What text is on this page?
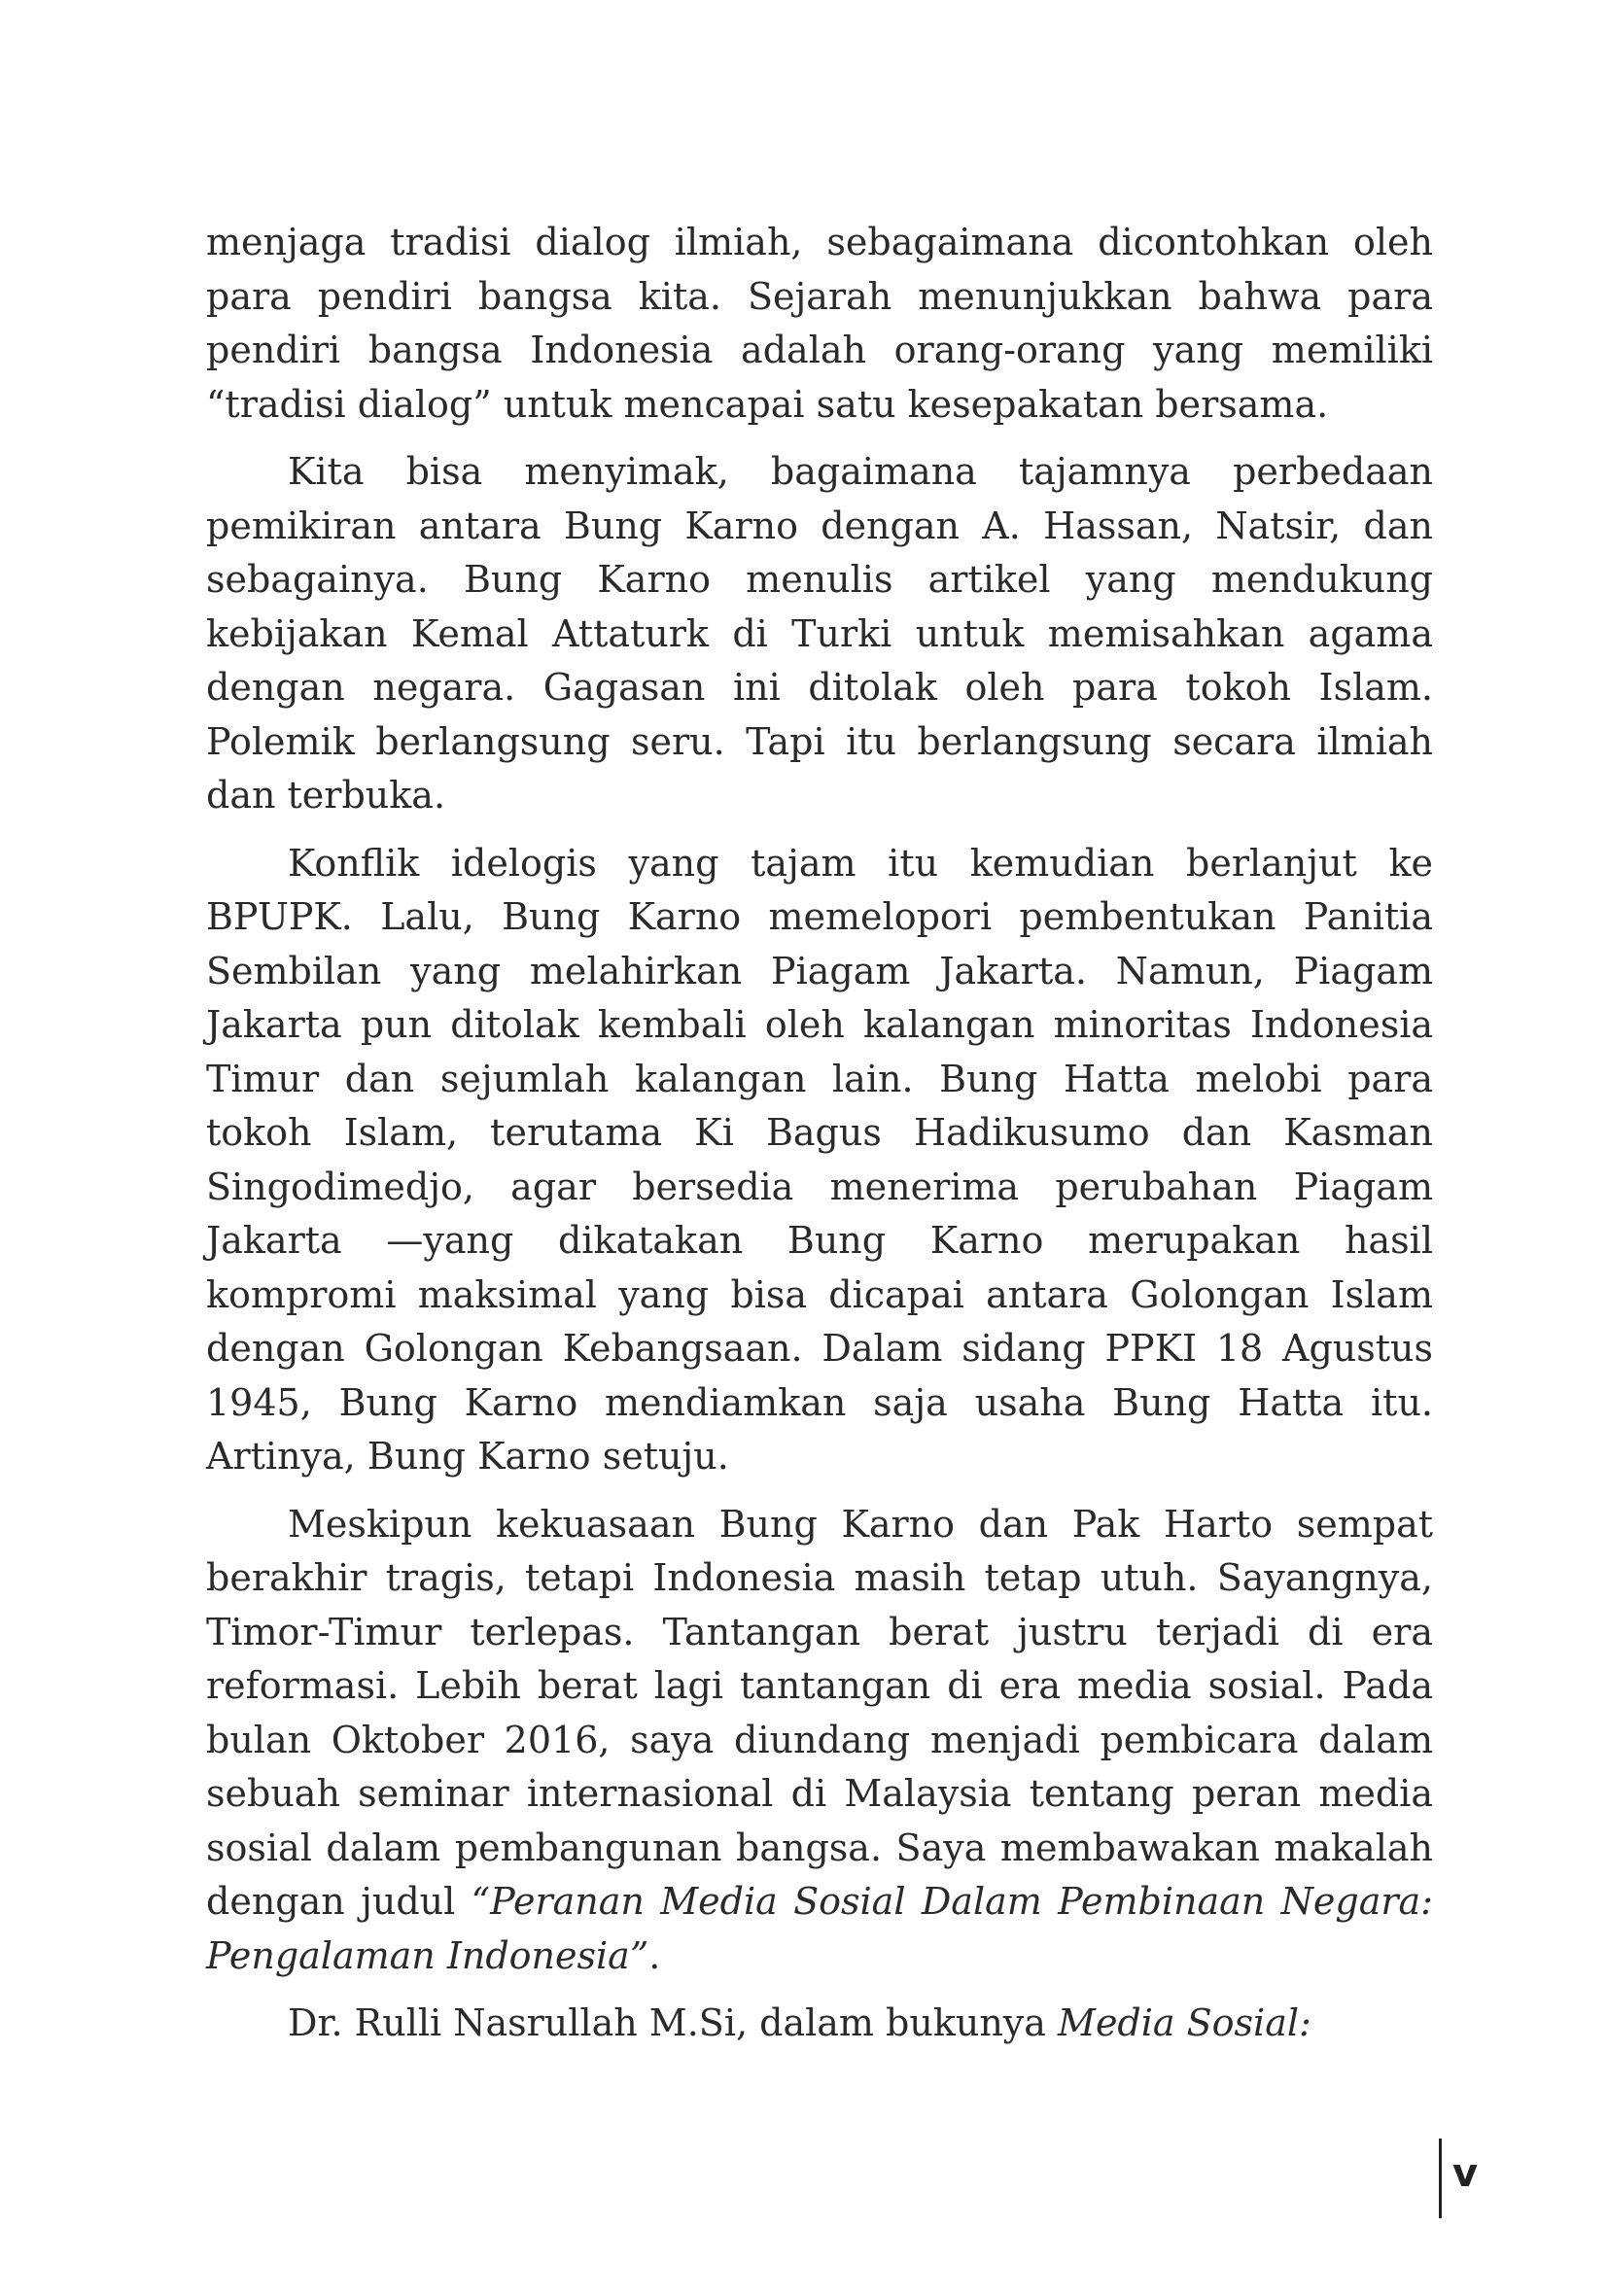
menjaga tradisi dialog ilmiah, sebagaimana dicontohkan oleh para pendiri bangsa kita. Sejarah menunjukkan bahwa para pendiri bangsa Indonesia adalah orang-orang yang memiliki “tradisi dialog” untuk mencapai satu kesepakatan bersama.

Kita bisa menyimak, bagaimana tajamnya perbedaan pemikiran antara Bung Karno dengan A. Hassan, Natsir, dan sebagainya. Bung Karno menulis artikel yang mendukung kebijakan Kemal Attaturk di Turki untuk memisahkan agama dengan negara. Gagasan ini ditolak oleh para tokoh Islam. Polemik berlangsung seru. Tapi itu berlangsung secara ilmiah dan terbuka.

Konflik idelogis yang tajam itu kemudian berlanjut ke BPUPK. Lalu, Bung Karno memelopori pembentukan Panitia Sembilan yang melahirkan Piagam Jakarta. Namun, Piagam Jakarta pun ditolak kembali oleh kalangan minoritas Indonesia Timur dan sejumlah kalangan lain. Bung Hatta melobi para tokoh Islam, terutama Ki Bagus Hadikusumo dan Kasman Singodimedjo, agar bersedia menerima perubahan Piagam Jakarta —yang dikatakan Bung Karno merupakan hasil kompromi maksimal yang bisa dicapai antara Golongan Islam dengan Golongan Kebangsaan. Dalam sidang PPKI 18 Agustus 1945, Bung Karno mendiamkan saja usaha Bung Hatta itu. Artinya, Bung Karno setuju.

Meskipun kekuasaan Bung Karno dan Pak Harto sempat berakhir tragis, tetapi Indonesia masih tetap utuh. Sayangnya, Timor-Timur terlepas. Tantangan berat justru terjadi di era reformasi. Lebih berat lagi tantangan di era media sosial. Pada bulan Oktober 2016, saya diundang menjadi pembicara dalam sebuah seminar internasional di Malaysia tentang peran media sosial dalam pembangunan bangsa. Saya membawakan makalah dengan judul “Peranan Media Sosial Dalam Pembinaan Negara: Pengalaman Indonesia”.

Dr. Rulli Nasrullah M.Si, dalam bukunya Media Sosial:

v
